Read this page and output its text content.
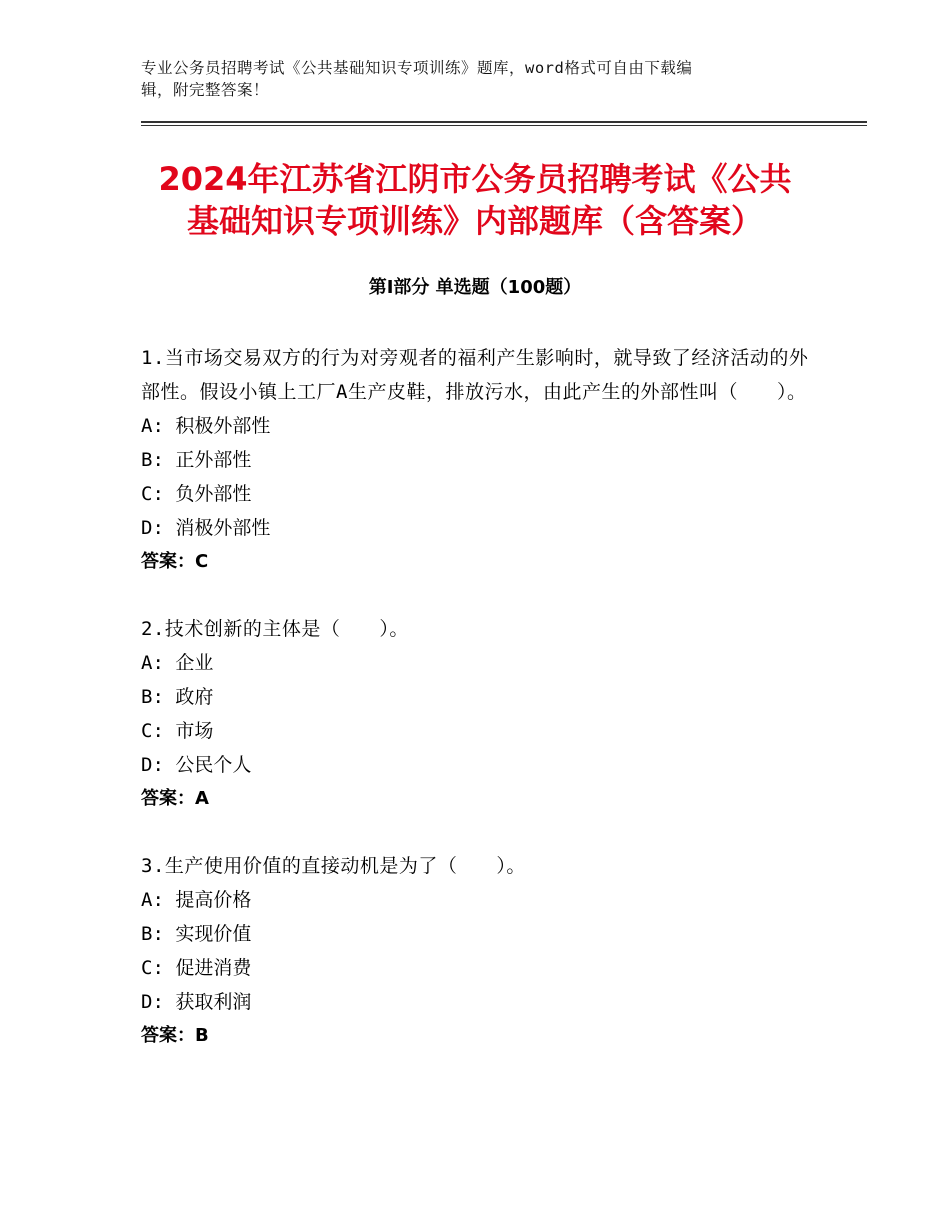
专业公务员招聘考试《公共基础知识专项训练》题库，word格式可自由下载编
辑，附完整答案！
2024年江苏省江阴市公务员招聘考试《公共
基础知识专项训练》内部题库（含答案）
第Ⅰ部分 单选题（100题）
1.当市场交易双方的行为对旁观者的福利产生影响时，就导致了经济活动的外部性。假设小镇上工厂A生产皮鞋，排放污水，由此产生的外部性叫（　　）。
A: 积极外部性
B: 正外部性
C: 负外部性
D: 消极外部性
答案：C
2.技术创新的主体是（　　）。
A: 企业
B: 政府
C: 市场
D: 公民个人
答案：A
3.生产使用价值的直接动机是为了（　　）。
A: 提高价格
B: 实现价值
C: 促进消费
D: 获取利润
答案：B
